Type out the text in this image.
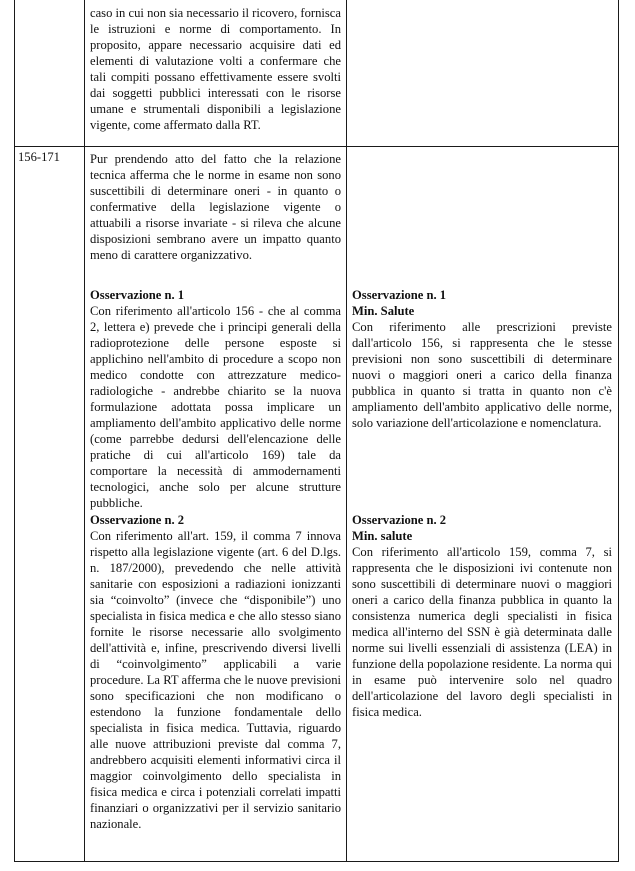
caso in cui non sia necessario il ricovero, fornisca le istruzioni e norme di comportamento. In proposito, appare necessario acquisire dati ed elementi di valutazione volti a confermare che tali compiti possano effettivamente essere svolti dai soggetti pubblici interessati con le risorse umane e strumentali disponibili a legislazione vigente, come affermato dalla RT.

156-171 Pur prendendo atto del fatto che la relazione tecnica afferma che le norme in esame non sono suscettibili di determinare oneri - in quanto o confermative della legislazione vigente o attuabili a risorse invariate - si rileva che alcune disposizioni sembrano avere un impatto quanto meno di carattere organizzativo.

Osservazione n. 1

Con riferimento all'articolo 156 - che al comma 2, lettera e) prevede che i principi generali della radioprotezione delle persone esposte si applichino nell'ambito di procedure a scopo non medico condotte con attrezzature medico-radiologiche - andrebbe chiarito se la nuova formulazione adottata possa implicare un ampliamento dell'ambito applicativo delle norme (come parrebbe dedursi dell'elencazione delle pratiche di cui all'articolo 169) tale da comportare la necessità di ammodernamenti tecnologici, anche solo per alcune strutture pubbliche.

Osservazione n. 2

Con riferimento all'art. 159, il comma 7 innova rispetto alla legislazione vigente (art. 6 del D.lgs. n. 187/2000), prevedendo che nelle attività sanitarie con esposizioni a radiazioni ionizzanti sia “coinvolto” (invece che “disponibile”) uno specialista in fisica medica e che allo stesso siano fornite le risorse necessarie allo svolgimento dell'attività e, infine, prescrivendo diversi livelli di “coinvolgimento” applicabili a varie procedure. La RT afferma che le nuove previsioni sono specificazioni che non modificano o estendono la funzione fondamentale dello specialista in fisica medica. Tuttavia, riguardo alle nuove attribuzioni previste dal comma 7, andrebbero acquisiti elementi informativi circa il maggior coinvolgimento dello specialista in fisica medica e circa i potenziali correlati impatti finanziari o organizzativi per il servizio sanitario nazionale.

Osservazione n. 1

Min. Salute

Con riferimento alle prescrizioni previste dall'articolo 156, si rappresenta che le stesse previsioni non sono suscettibili di determinare nuovi o maggiori oneri a carico della finanza pubblica in quanto si tratta in quanto non c'è ampliamento dell'ambito applicativo delle norme, solo variazione dell'articolazione e nomenclatura.

Osservazione n. 2

Min. salute

Con riferimento all'articolo 159, comma 7, si rappresenta che le disposizioni ivi contenute non sono suscettibili di determinare nuovi o maggiori oneri a carico della finanza pubblica in quanto la consistenza numerica degli specialisti in fisica medica all'interno del SSN è già determinata dalle norme sui livelli essenziali di assistenza (LEA) in funzione della popolazione residente. La norma qui in esame può intervenire solo nel quadro dell'articolazione del lavoro degli specialisti in fisica medica.
